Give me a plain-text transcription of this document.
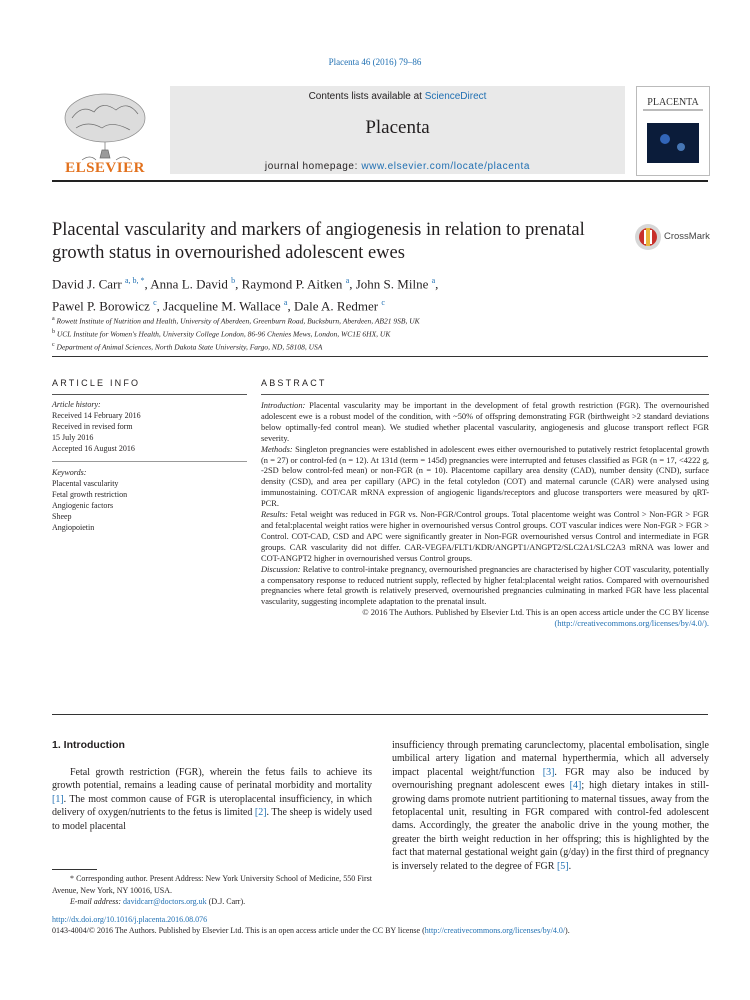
Placenta 46 (2016) 79–86
ELSEVIER
Contents lists available at ScienceDirect
Placenta
journal homepage: www.elsevier.com/locate/placenta
PLACENTA
Placental vascularity and markers of angiogenesis in relation to prenatal growth status in overnourished adolescent ewes
CrossMark
David J. Carr $^{a, b, *}$, Anna L. David $^b$, Raymond P. Aitken $^a$, John S. Milne $^a$,
Pawel P. Borowicz $^c$, Jacqueline M. Wallace $^a$, Dale A. Redmer $^c$
$^a$ Rowett Institute of Nutrition and Health, University of Aberdeen, Greenburn Road, Bucksburn, Aberdeen, AB21 9SB, UK
$^b$ UCL Institute for Women's Health, University College London, 86-96 Chenies Mews, London, WC1E 6HX, UK
$^c$ Department of Animal Sciences, North Dakota State University, Fargo, ND, 58108, USA
ARTICLE INFO
Article history:
Received 14 February 2016
Received in revised form
15 July 2016
Accepted 16 August 2016
Keywords:
Placental vascularity
Fetal growth restriction
Angiogenic factors
Sheep
Angiopoietin
ABSTRACT

Introduction: Placental vascularity may be important in the development of fetal growth restriction (FGR). The overnourished adolescent ewe is a robust model of the condition, with ~50% of offspring demonstrating FGR (birthweight >2 standard deviations below optimally-fed control mean). We studied whether placental vascularity, angiogenesis and glucose transport reflect FGR severity.

Methods: Singleton pregnancies were established in adolescent ewes either overnourished to putatively restrict fetoplacental growth (n = 27) or control-fed (n = 12). At 131d (term = 145d) pregnancies were interrupted and fetuses classified as FGR (n = 17, <4222 g, -2SD below control-fed mean) or non-FGR (n = 10). Placentome capillary area density (CAD), number density (CND), surface density (CSD), and area per capillary (APC) in the fetal cotyledon (COT) and maternal caruncle (CAR) were analysed using immunostaining. COT/CAR mRNA expression of angiogenic ligands/receptors and glucose transporters were measured by qRT-PCR.

Results: Fetal weight was reduced in FGR vs. Non-FGR/Control groups. Total placentome weight was Control > Non-FGR > FGR and fetal:placental weight ratios were higher in overnourished versus Control groups. COT vascular indices were Non-FGR > FGR > Control. COT-CAD, CSD and APC were significantly greater in Non-FGR overnourished versus Control and intermediate in FGR groups. CAR vascularity did not differ. CAR-VEGFA/FLT1/KDR/ANGPT1/ANGPT2/SLC2A1/SLC2A3 mRNA was lower and COT-ANGPT2 higher in overnourished versus Control groups.

Discussion: Relative to control-intake pregnancy, overnourished pregnancies are characterised by higher COT vascularity, potentially a compensatory response to reduced nutrient supply, reflected by higher fetal:placental weight ratios. Compared with overnourished pregnancies where fetal growth is relatively preserved, overnourished pregnancies culminating in marked FGR have less placental vascularity, suggesting incomplete adaptation to the prenatal insult.

© 2016 The Authors. Published by Elsevier Ltd. This is an open access article under the CC BY license
(http://creativecommons.org/licenses/by/4.0/).

1. Introduction

Fetal growth restriction (FGR), wherein the fetus fails to achieve its growth potential, remains a leading cause of perinatal morbidity and mortality [1]. The most common cause of FGR is uteroplacental insufficiency, in which delivery of oxygen/nutrients to the fetus is limited [2]. The sheep is widely used to model placental

insufficiency through premating carunclectomy, placental embolisation, single umbilical artery ligation and maternal hyperthermia, which all adversely impact placental weight/function [3]. FGR may also be induced by overnourishing pregnant adolescent ewes [4]; high dietary intakes in still-growing dams promote nutrient partitioning to maternal tissues, away from the fetoplacental unit, resulting in FGR compared with control-fed adolescent dams. Accordingly, the greater the anabolic drive in the young mother, the greater the birth weight reduction in her offspring; this is highlighted by the fact that maternal gestational weight gain (g/day) in the first third of pregnancy is inversely related to the degree of FGR [5].

* Corresponding author. Present Address: New York University School of Medicine, 550 First Avenue, New York, NY 10016, USA.
E-mail address: davidcarr@doctors.org.uk (D.J. Carr).
http://dx.doi.org/10.1016/j.placenta.2016.08.076
0143-4004/© 2016 The Authors. Published by Elsevier Ltd. This is an open access article under the CC BY license (http://creativecommons.org/licenses/by/4.0/).
